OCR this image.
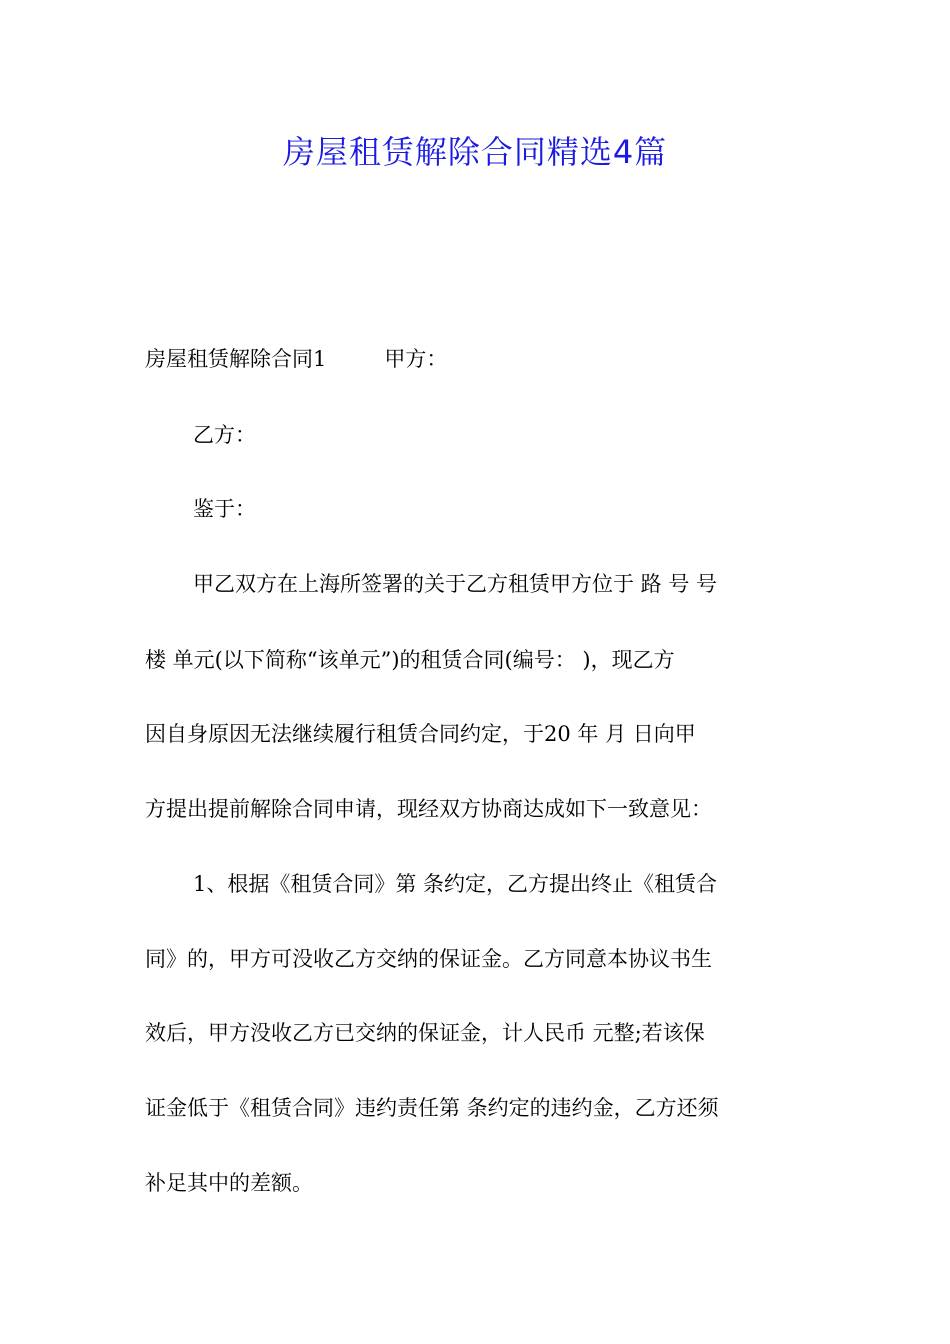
房屋租赁解除合同精选4篇
房屋租赁解除合同1	甲方：
乙方：
鉴于：
甲乙双方在上海所签署的关于乙方租赁甲方位于 路 号 号
楼 单元(以下简称“该单元”)的租赁合同(编号： )，现乙方
因自身原因无法继续履行租赁合同约定，于20 年 月 日向甲
方提出提前解除合同申请，现经双方协商达成如下一致意见：
1、根据《租赁合同》第 条约定，乙方提出终止《租赁合
同》的，甲方可没收乙方交纳的保证金。乙方同意本协议书生
效后，甲方没收乙方已交纳的保证金，计人民币 元整;若该保
证金低于《租赁合同》违约责任第 条约定的违约金，乙方还须
补足其中的差额。
